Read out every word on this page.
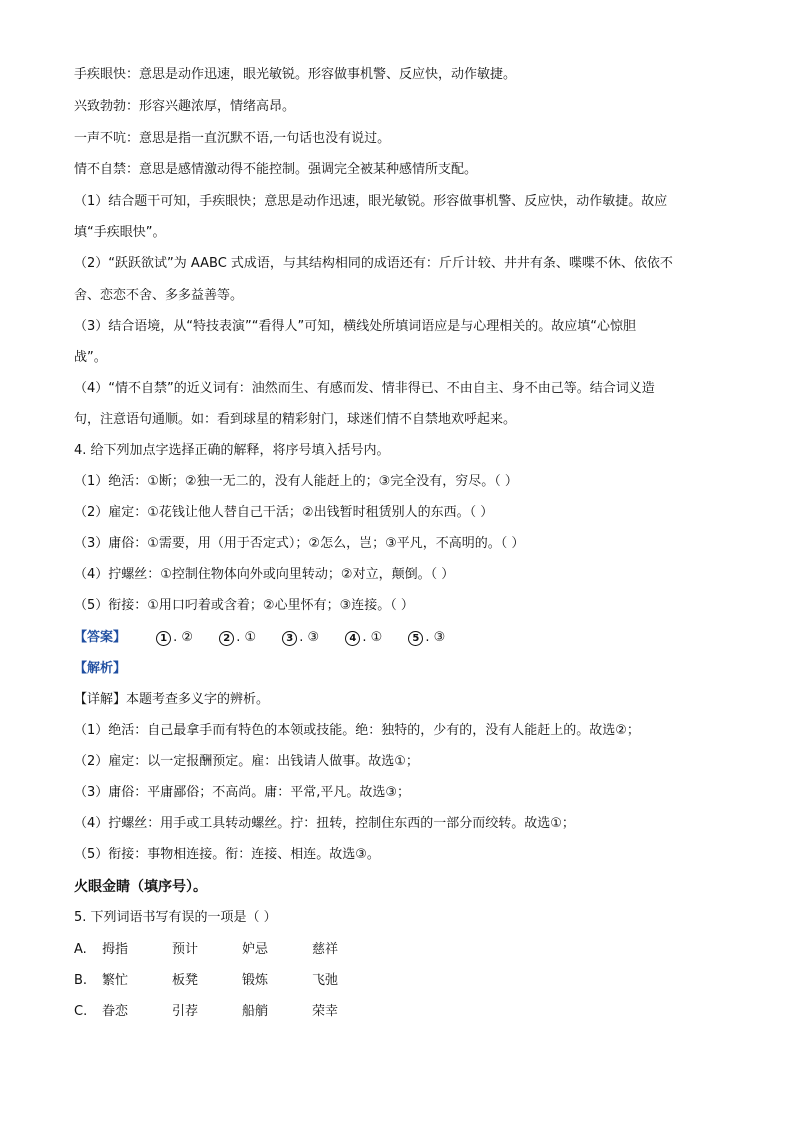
手疾眼快：意思是动作迅速，眼光敏锐。形容做事机警、反应快，动作敏捷。
兴致勃勃：形容兴趣浓厚，情绪高昂。
一声不吭：意思是指一直沉默不语,一句话也没有说过。
情不自禁：意思是感情激动得不能控制。强调完全被某种感情所支配。
（1）结合题干可知，手疾眼快；意思是动作迅速，眼光敏锐。形容做事机警、反应快，动作敏捷。故应
填“手疾眼快”。
（2）“跃跃欲试”为 AABC 式成语，与其结构相同的成语还有：斤斤计较、井井有条、喋喋不休、依依不
舍、恋恋不舍、多多益善等。
（3）结合语境，从“特技表演”“看得人”可知，横线处所填词语应是与心理相关的。故应填“心惊胆
战”。
（4）“情不自禁”的近义词有：油然而生、有感而发、情非得已、不由自主、身不由己等。结合词义造
句，注意语句通顺。如：看到球星的精彩射门，球迷们情不自禁地欢呼起来。
4. 给下列加点字选择正确的解释，将序号填入括号内。
（1）绝活：①断；②独一无二的，没有人能赶上的；③完全没有，穷尽。（ ）
（2）雇定：①花钱让他人替自己干活；②出钱暂时租赁别人的东西。（ ）
（3）庸俗：①需要，用（用于否定式）；②怎么，岂；③平凡，不高明的。（ ）
（4）拧螺丝：①控制住物体向外或向里转动；②对立，颠倒。（ ）
（5）衔接：①用口叼着或含着；②心里怀有；③连接。（ ）
【答案】	1 . ②	2 . ①	3 . ③	4 . ①	5 . ③
【解析】
【详解】本题考查多义字的辨析。
（1）绝活：自己最拿手而有特色的本领或技能。绝：独特的，少有的，没有人能赶上的。故选②；
（2）雇定：以一定报酬预定。雇：出钱请人做事。故选①；
（3）庸俗：平庸鄙俗；不高尚。庸：平常,平凡。故选③；
（4）拧螺丝：用手或工具转动螺丝。拧：扭转，控制住东西的一部分而绞转。故选①；
（5）衔接：事物相连接。衔：连接、相连。故选③。
火眼金睛（填序号）。
5. 下列词语书写有误的一项是（ ）
A. 拇指	预计	妒忌	慈祥
B. 繁忙	板凳	锻炼	飞弛
C. 眷恋	引荐	船艄	荣幸
